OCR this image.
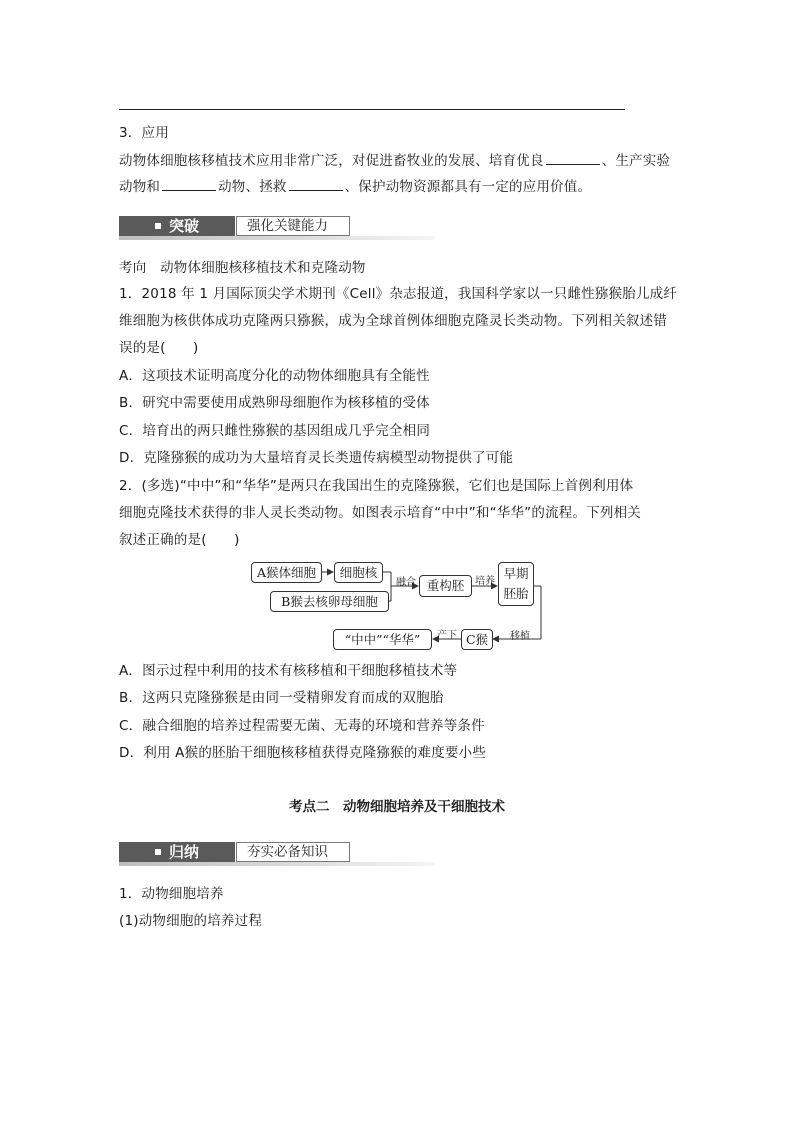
3．应用
动物体细胞核移植技术应用非常广泛，对促进畜牧业的发展、培育优良	、生产实验
动物和	动物、拯救	、保护动物资源都具有一定的应用价值。
突破	强化关键能力
考向　动物体细胞核移植技术和克隆动物
1．2018 年 1 月国际顶尖学术期刊《Cell》杂志报道，我国科学家以一只雌性猕猴胎儿成纤
维细胞为核供体成功克隆两只猕猴，成为全球首例体细胞克隆灵长类动物。下列相关叙述错
误的是(　　)
A．这项技术证明高度分化的动物体细胞具有全能性
B．研究中需要使用成熟卵母细胞作为核移植的受体
C．培育出的两只雌性猕猴的基因组成几乎完全相同
D．克隆猕猴的成功为大量培育灵长类遗传病模型动物提供了可能
2．(多选)“中中”和“华华”是两只在我国出生的克隆猕猴，它们也是国际上首例利用体
细胞克隆技术获得的非人灵长类动物。如图表示培育“中中”和“华华”的流程。下列相关
叙述正确的是(　　)
A猴体细胞	细胞核
B猴去核卵母细胞
融合 重构胚	培养
早期
胚胎
移植
C猴
产下
“中中”“华华”
A．图示过程中利用的技术有核移植和干细胞移植技术等
B．这两只克隆猕猴是由同一受精卵发育而成的双胞胎
C．融合细胞的培养过程需要无菌、无毒的环境和营养等条件
D．利用 A猴的胚胎干细胞核移植获得克隆猕猴的难度要小些
考点二　动物细胞培养及干细胞技术
归纳	夯实必备知识
1．动物细胞培养
(1)动物细胞的培养过程
